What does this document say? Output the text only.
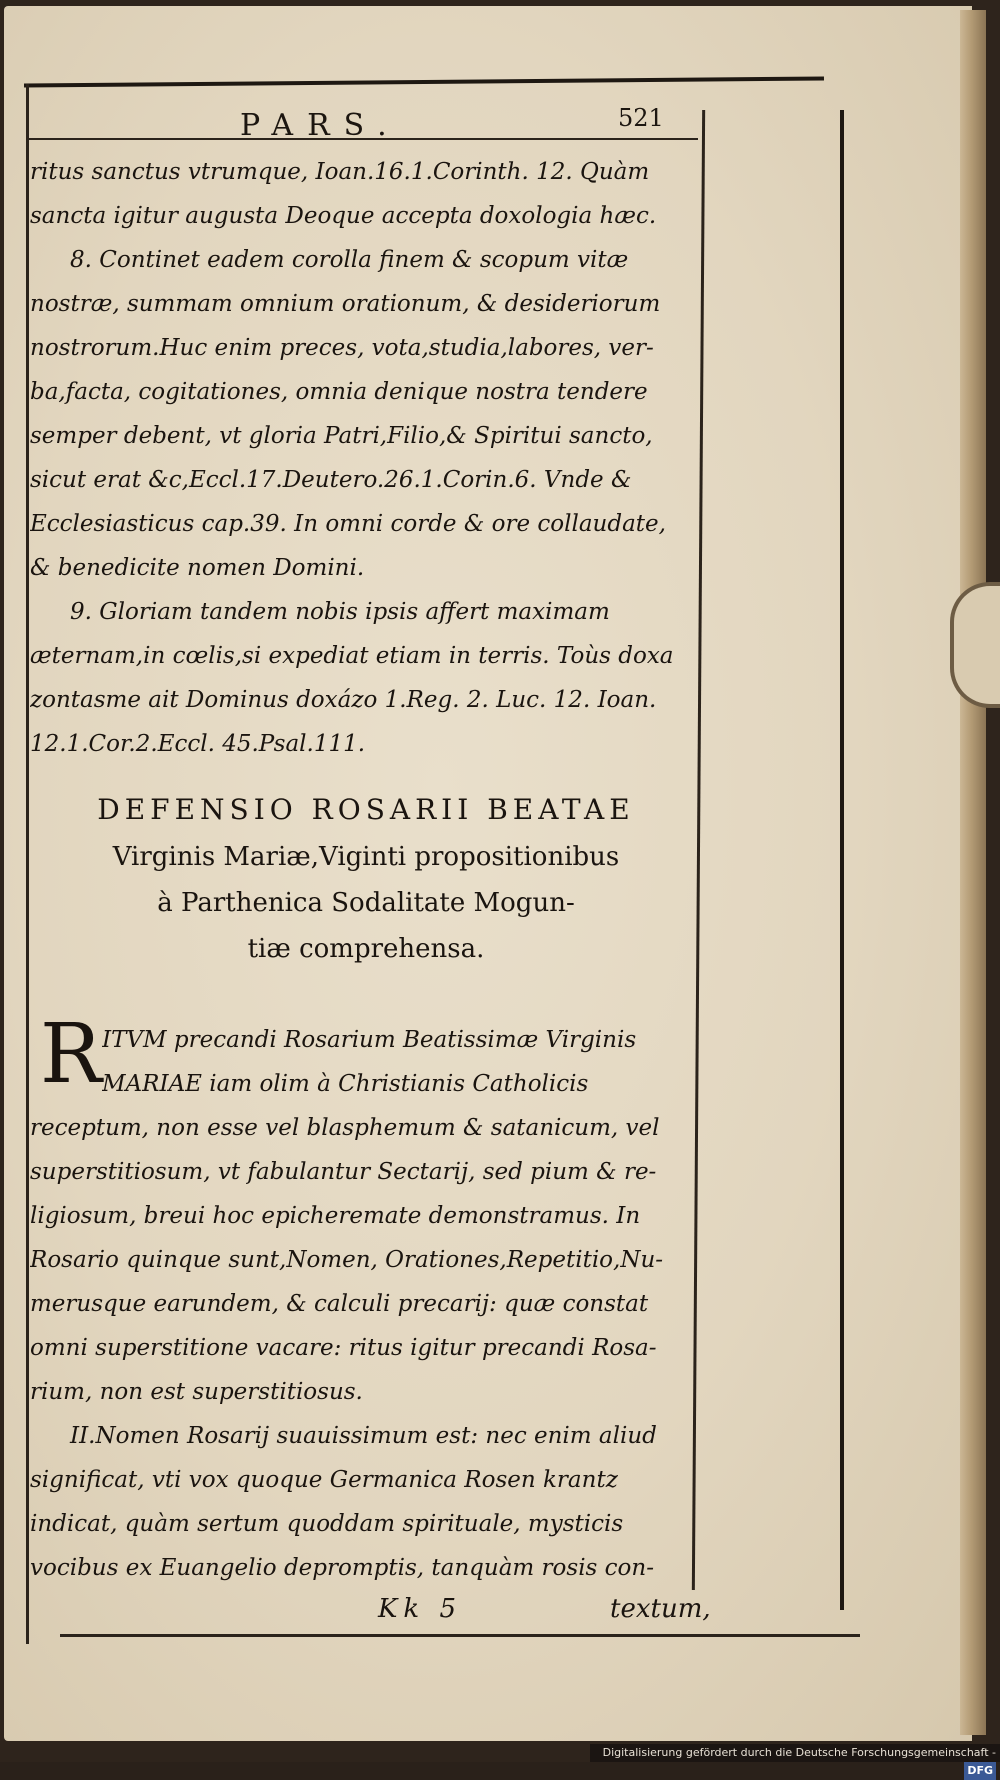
PARS.	521
ritus sanctus vtrumque, Ioan.16.1.Corinth. 12. Quàm
sancta igitur augusta Deoque accepta doxologia hæc.
8. Continet eadem corolla finem & scopum vitæ
nostræ, summam omnium orationum, & desideriorum
nostrorum.Huc enim preces, vota,studia,labores, ver-
ba,facta, cogitationes, omnia denique nostra tendere
semper debent, vt gloria Patri,Filio,& Spiritui sancto,
sicut erat &c,Eccl.17.Deutero.26.1.Corin.6. Vnde &
Ecclesiasticus cap.39. In omni corde & ore collaudate,
& benedicite nomen Domini.
9. Gloriam tandem nobis ipsis affert maximam
æternam,in cœlis,si expediat etiam in terris. Toùs doxa
zontasme ait Dominus doxázo 1.Reg. 2. Luc. 12. Ioan.
12.1.Cor.2.Eccl. 45.Psal.111.
DEFENSIO ROSARII BEATAE
Virginis Mariæ,Viginti propositionibus
à Parthenica Sodalitate Mogun-
tiæ comprehensa.
R ITVM precandi Rosarium Beatissimæ Virginis
MARIAE iam olim à Christianis Catholicis
receptum, non esse vel blasphemum & satanicum, vel
superstitiosum, vt fabulantur Sectarij, sed pium & re-
ligiosum, breui hoc epicheremate demonstramus. In
Rosario quinque sunt,Nomen, Orationes,Repetitio,Nu-
merusque earundem, & calculi precarij: quæ constat
omni superstitione vacare: ritus igitur precandi Rosa-
rium, non est superstitiosus.
II.Nomen Rosarij suauissimum est: nec enim aliud
significat, vti vox quoque Germanica Rosen krantz
indicat, quàm sertum quoddam spirituale, mysticis
vocibus ex Euangelio depromptis, tanquàm rosis con-
Kk 5	textum,
Digitalisierung gefördert durch die Deutsche Forschungsgemeinschaft -DFG
